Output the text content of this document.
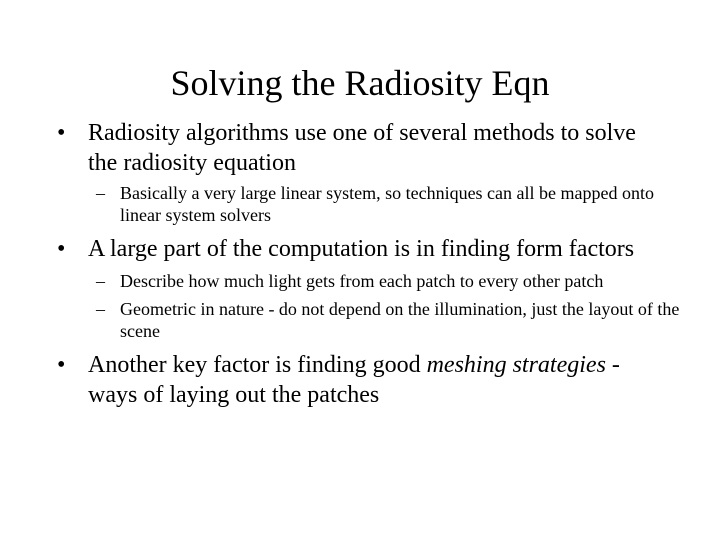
Solving the Radiosity Eqn
• Radiosity algorithms use one of several methods to solve the radiosity equation
– Basically a very large linear system, so techniques can all be mapped onto linear system solvers
• A large part of the computation is in finding form factors
– Describe how much light gets from each patch to every other patch
– Geometric in nature - do not depend on the illumination, just the layout of the scene
• Another key factor is finding good meshing strategies - ways of laying out the patches
